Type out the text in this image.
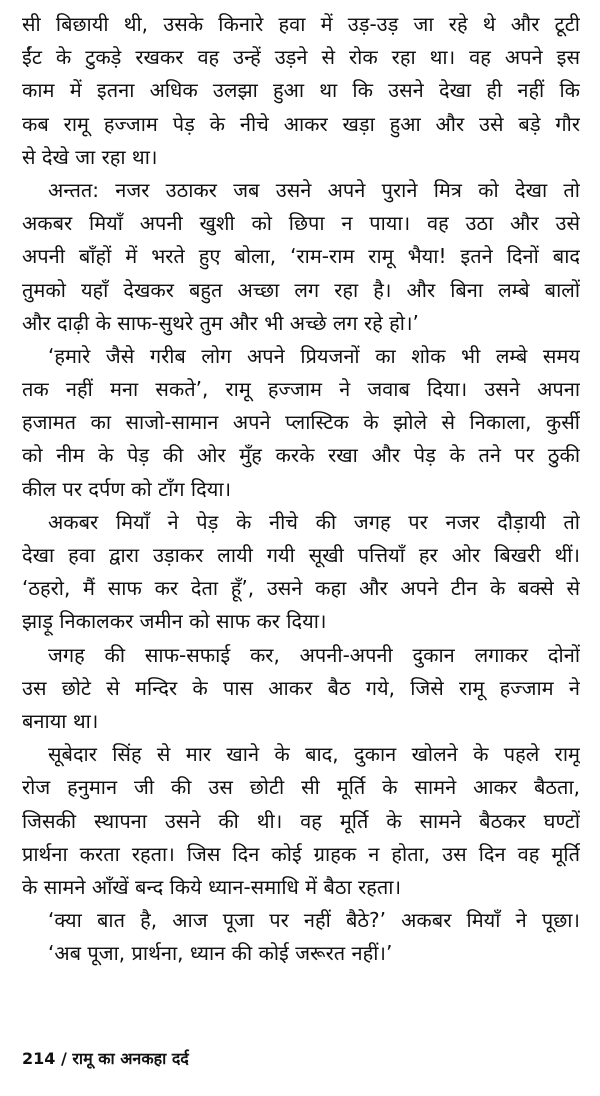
सी बिछायी थी, उसके किनारे हवा में उड़-उड़ जा रहे थे और टूटी
ईंट के टुकड़े रखकर वह उन्हें उड़ने से रोक रहा था। वह अपने इस
काम में इतना अधिक उलझा हुआ था कि उसने देखा ही नहीं कि
कब रामू हज्जाम पेड़ के नीचे आकर खड़ा हुआ और उसे बड़े गौर
से देखे जा रहा था।
अन्तत: नजर उठाकर जब उसने अपने पुराने मित्र को देखा तो
अकबर मियाँ अपनी खुशी को छिपा न पाया। वह उठा और उसे
अपनी बाँहों में भरते हुए बोला, ‘राम-राम रामू भैया! इतने दिनों बाद
तुमको यहाँ देखकर बहुत अच्छा लग रहा है। और बिना लम्बे बालों
और दाढ़ी के साफ-सुथरे तुम और भी अच्छे लग रहे हो।’
‘हमारे जैसे गरीब लोग अपने प्रियजनों का शोक भी लम्बे समय
तक नहीं मना सकते’, रामू हज्जाम ने जवाब दिया। उसने अपना
हजामत का साजो-सामान अपने प्लास्टिक के झोले से निकाला, कुर्सी
को नीम के पेड़ की ओर मुँह करके रखा और पेड़ के तने पर ठुकी
कील पर दर्पण को टाँग दिया।
अकबर मियाँ ने पेड़ के नीचे की जगह पर नजर दौड़ायी तो
देखा हवा द्वारा उड़ाकर लायी गयी सूखी पत्तियाँ हर ओर बिखरी थीं।
‘ठहरो, मैं साफ कर देता हूँ’, उसने कहा और अपने टीन के बक्से से
झाड़ू निकालकर जमीन को साफ कर दिया।
जगह की साफ-सफाई कर, अपनी-अपनी दुकान लगाकर दोनों
उस छोटे से मन्दिर के पास आकर बैठ गये, जिसे रामू हज्जाम ने
बनाया था।
सूबेदार सिंह से मार खाने के बाद, दुकान खोलने के पहले रामू
रोज हनुमान जी की उस छोटी सी मूर्ति के सामने आकर बैठता,
जिसकी स्थापना उसने की थी। वह मूर्ति के सामने बैठकर घण्टों
प्रार्थना करता रहता। जिस दिन कोई ग्राहक न होता, उस दिन वह मूर्ति
के सामने आँखें बन्द किये ध्यान-समाधि में बैठा रहता।
‘क्या बात है, आज पूजा पर नहीं बैठे?’ अकबर मियाँ ने पूछा।
‘अब पूजा, प्रार्थना, ध्यान की कोई जरूरत नहीं।’
214 / रामू का अनकहा दर्द
